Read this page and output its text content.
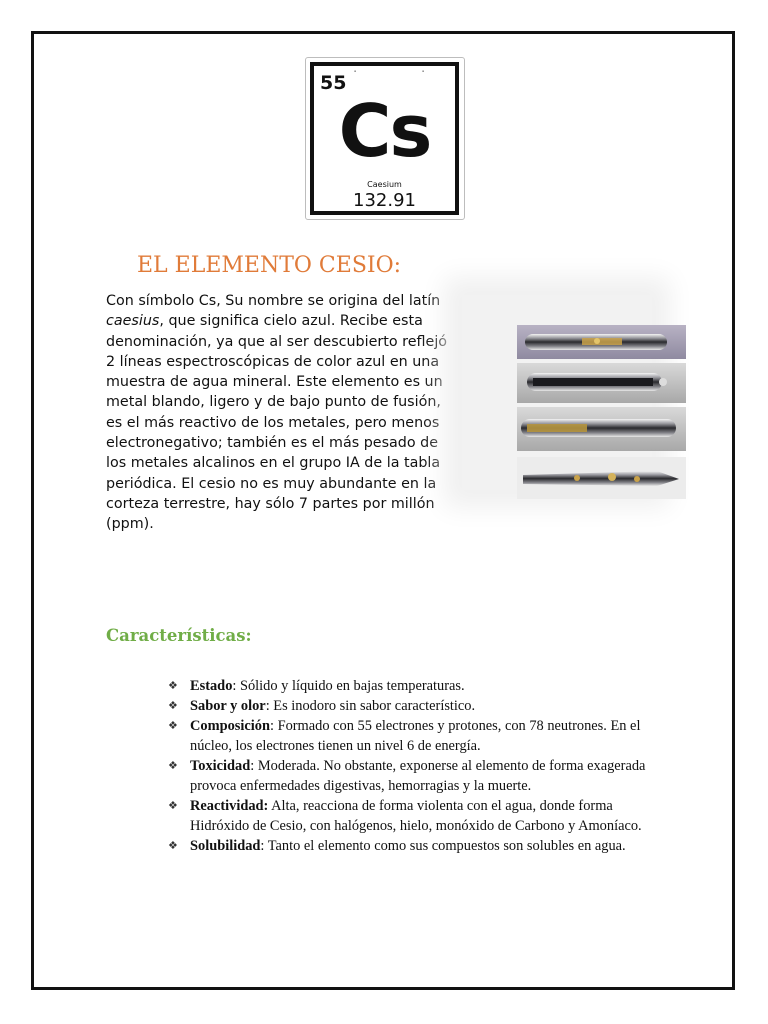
55
▪	▪
Cs
Caesium
132.91
EL ELEMENTO CESIO:
Con símbolo Cs, Su nombre se origina del latín caesius, que significa cielo azul. Recibe esta denominación, ya que al ser descubierto reflejó 2 líneas espectroscópicas de color azul en una muestra de agua mineral. Este elemento es un metal blando, ligero y de bajo punto de fusión, es el más reactivo de los metales, pero menos electronegativo; también es el más pesado de los metales alcalinos en el grupo IA de la tabla periódica. El cesio no es muy abundante en la corteza terrestre, hay sólo 7 partes por millón (ppm).
Características:
❖ Estado: Sólido y líquido en bajas temperaturas.
❖ Sabor y olor: Es inodoro sin sabor característico.
❖ Composición: Formado con 55 electrones y protones, con 78 neutrones. En el núcleo, los electrones tienen un nivel 6 de energía.
❖ Toxicidad: Moderada. No obstante, exponerse al elemento de forma exagerada provoca enfermedades digestivas, hemorragias y la muerte.
❖ Reactividad: Alta, reacciona de forma violenta con el agua, donde forma Hidróxido de Cesio, con halógenos, hielo, monóxido de Carbono y Amoníaco.
❖ Solubilidad: Tanto el elemento como sus compuestos son solubles en agua.
